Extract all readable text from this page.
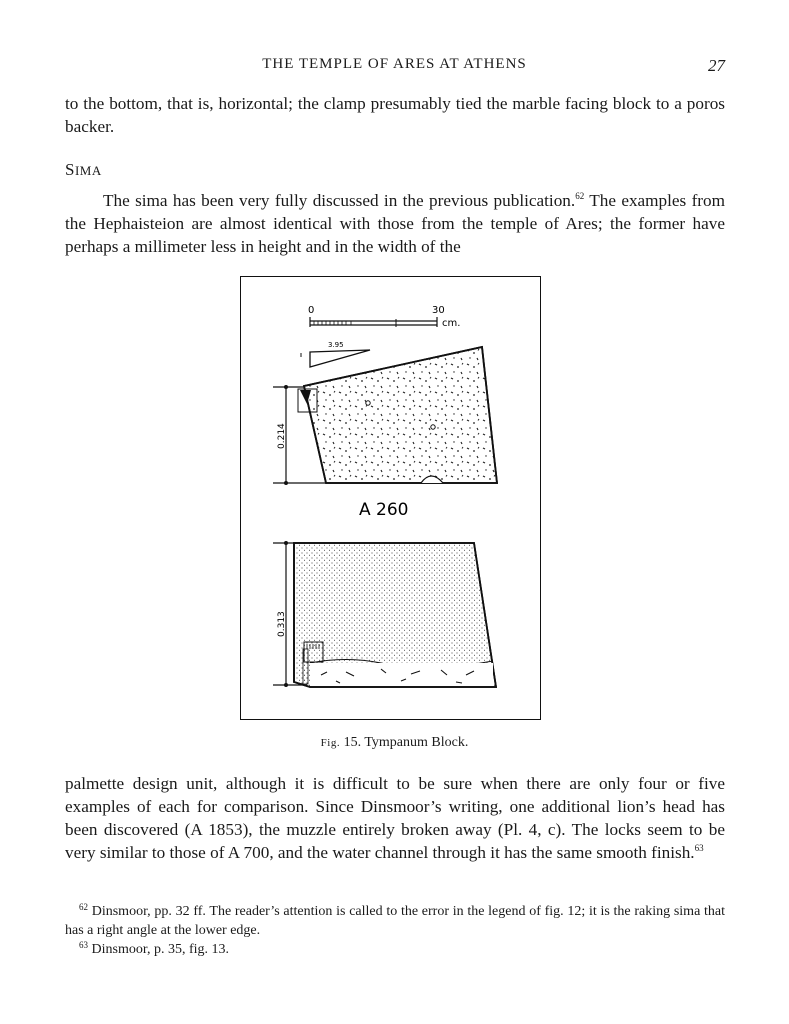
THE TEMPLE OF ARES AT ATHENS	27
to the bottom, that is, horizontal; the clamp presumably tied the marble facing block to a poros backer.
SIMA
The sima has been very fully discussed in the previous publication.$^{62}$ The examples from the Hephaisteion are almost identical with those from the temple of Ares; the former have perhaps a millimeter less in height and in the width of the
0	30
cm.
3.95
0.214
A 260
0.313
Fig. 15. Tympanum Block.
palmette design unit, although it is difficult to be sure when there are only four or five examples of each for comparison. Since Dinsmoor’s writing, one additional lion’s head has been discovered (A 1853), the muzzle entirely broken away (Pl. 4, c). The locks seem to be very similar to those of A 700, and the water channel through it has the same smooth finish.$^{63}$
$^{62}$ Dinsmoor, pp. 32 ff. The reader’s attention is called to the error in the legend of fig. 12; it is the raking sima that has a right angle at the lower edge.
$^{63}$ Dinsmoor, p. 35, fig. 13.
